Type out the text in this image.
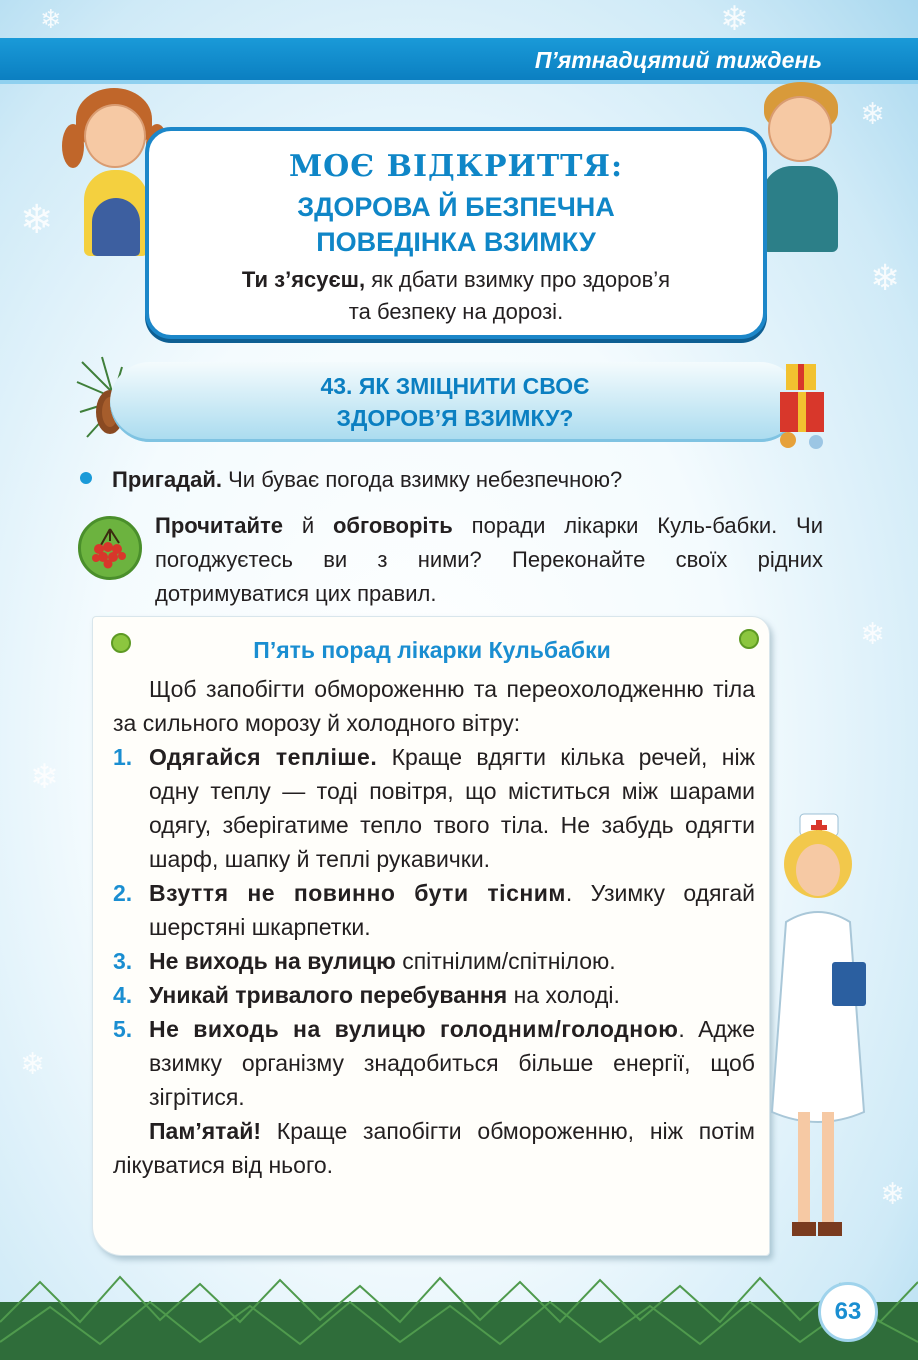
❄	❄
❄
❄
❄
❄
❄
❄
❄
П’ятнадцятий тиждень
МОЄ ВІДКРИТТЯ:
ЗДОРОВА Й БЕЗПЕЧНА
ПОВЕДІНКА ВЗИМКУ
Ти з’ясуєш, як дбати взимку про здоров’я
та безпеку на дорозі.
43. ЯК ЗМІЦНИТИ СВОЄ
ЗДОРОВ’Я ВЗИМКУ?
Пригадай. Чи буває погода взимку небезпечною?
Прочитайте й обговоріть поради лікарки Куль-бабки. Чи погоджуєтесь ви з ними? Переконайте своїх рідних дотримуватися цих правил.
П’ять порад лікарки Кульбабки

Щоб запобігти обмороженню та переохолодженню тіла за сильного морозу й холодного вітру:

1. Одягайся тепліше. Краще вдягти кілька речей, ніж одну теплу — тоді повітря, що міститься між шарами одягу, зберігатиме тепло твого тіла. Не забудь одягти шарф, шапку й теплі рукавички.
2. Взуття не повинно бути тісним. Узимку одягай шерстяні шкарпетки.
3. Не виходь на вулицю спітнілим/спітнілою.
4. Уникай тривалого перебування на холоді.
5. Не виходь на вулицю голодним/голодною. Адже взимку організму знадобиться більше енергії, щоб зігрітися.

Пам’ятай! Краще запобігти обмороженню, ніж потім лікуватися від нього.

63
